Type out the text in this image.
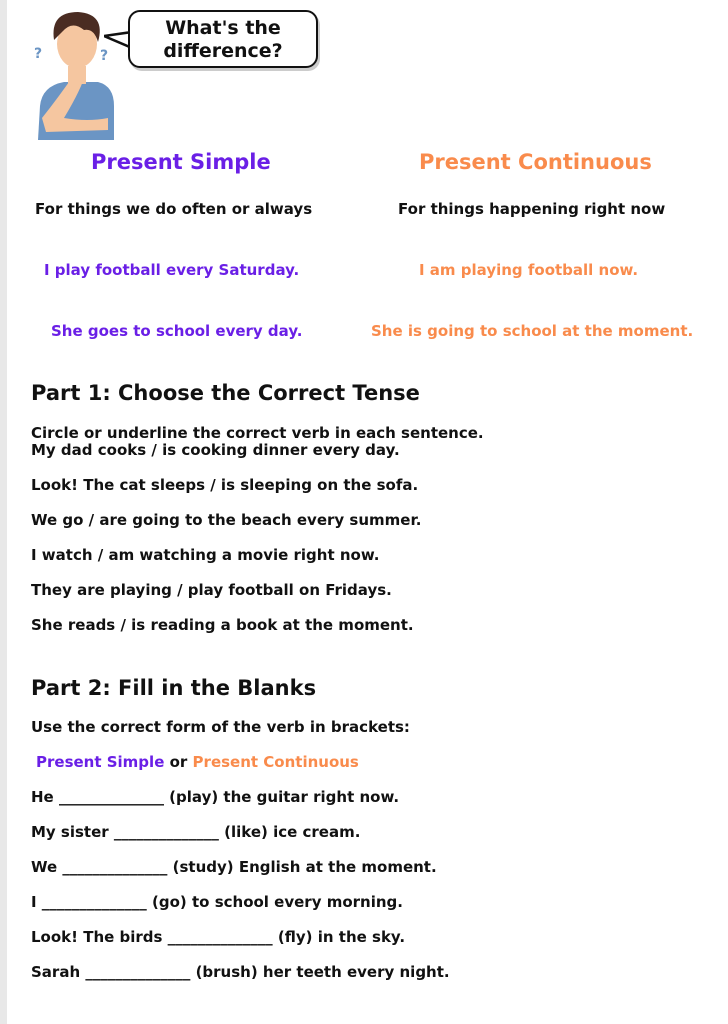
?	?
What's the
difference?
Present Simple	Present Continuous
For things we do often or always	For things happening right now
I play football every Saturday.	I am playing football now.
She goes to school every day.	She is going to school at the moment.
Part 1: Choose the Correct Tense
Circle or underline the correct verb in each sentence.
My dad cooks / is cooking dinner every day.
Look! The cat sleeps / is sleeping on the sofa.
We go / are going to the beach every summer.
I watch / am watching a movie right now.
They are playing / play football on Fridays.
She reads / is reading a book at the moment.
Part 2: Fill in the Blanks
Use the correct form of the verb in brackets:
Present Simple or Present Continuous
He ______________ (play) the guitar right now.
My sister ______________ (like) ice cream.
We ______________ (study) English at the moment.
I ______________ (go) to school every morning.
Look! The birds ______________ (fly) in the sky.
Sarah ______________ (brush) her teeth every night.
